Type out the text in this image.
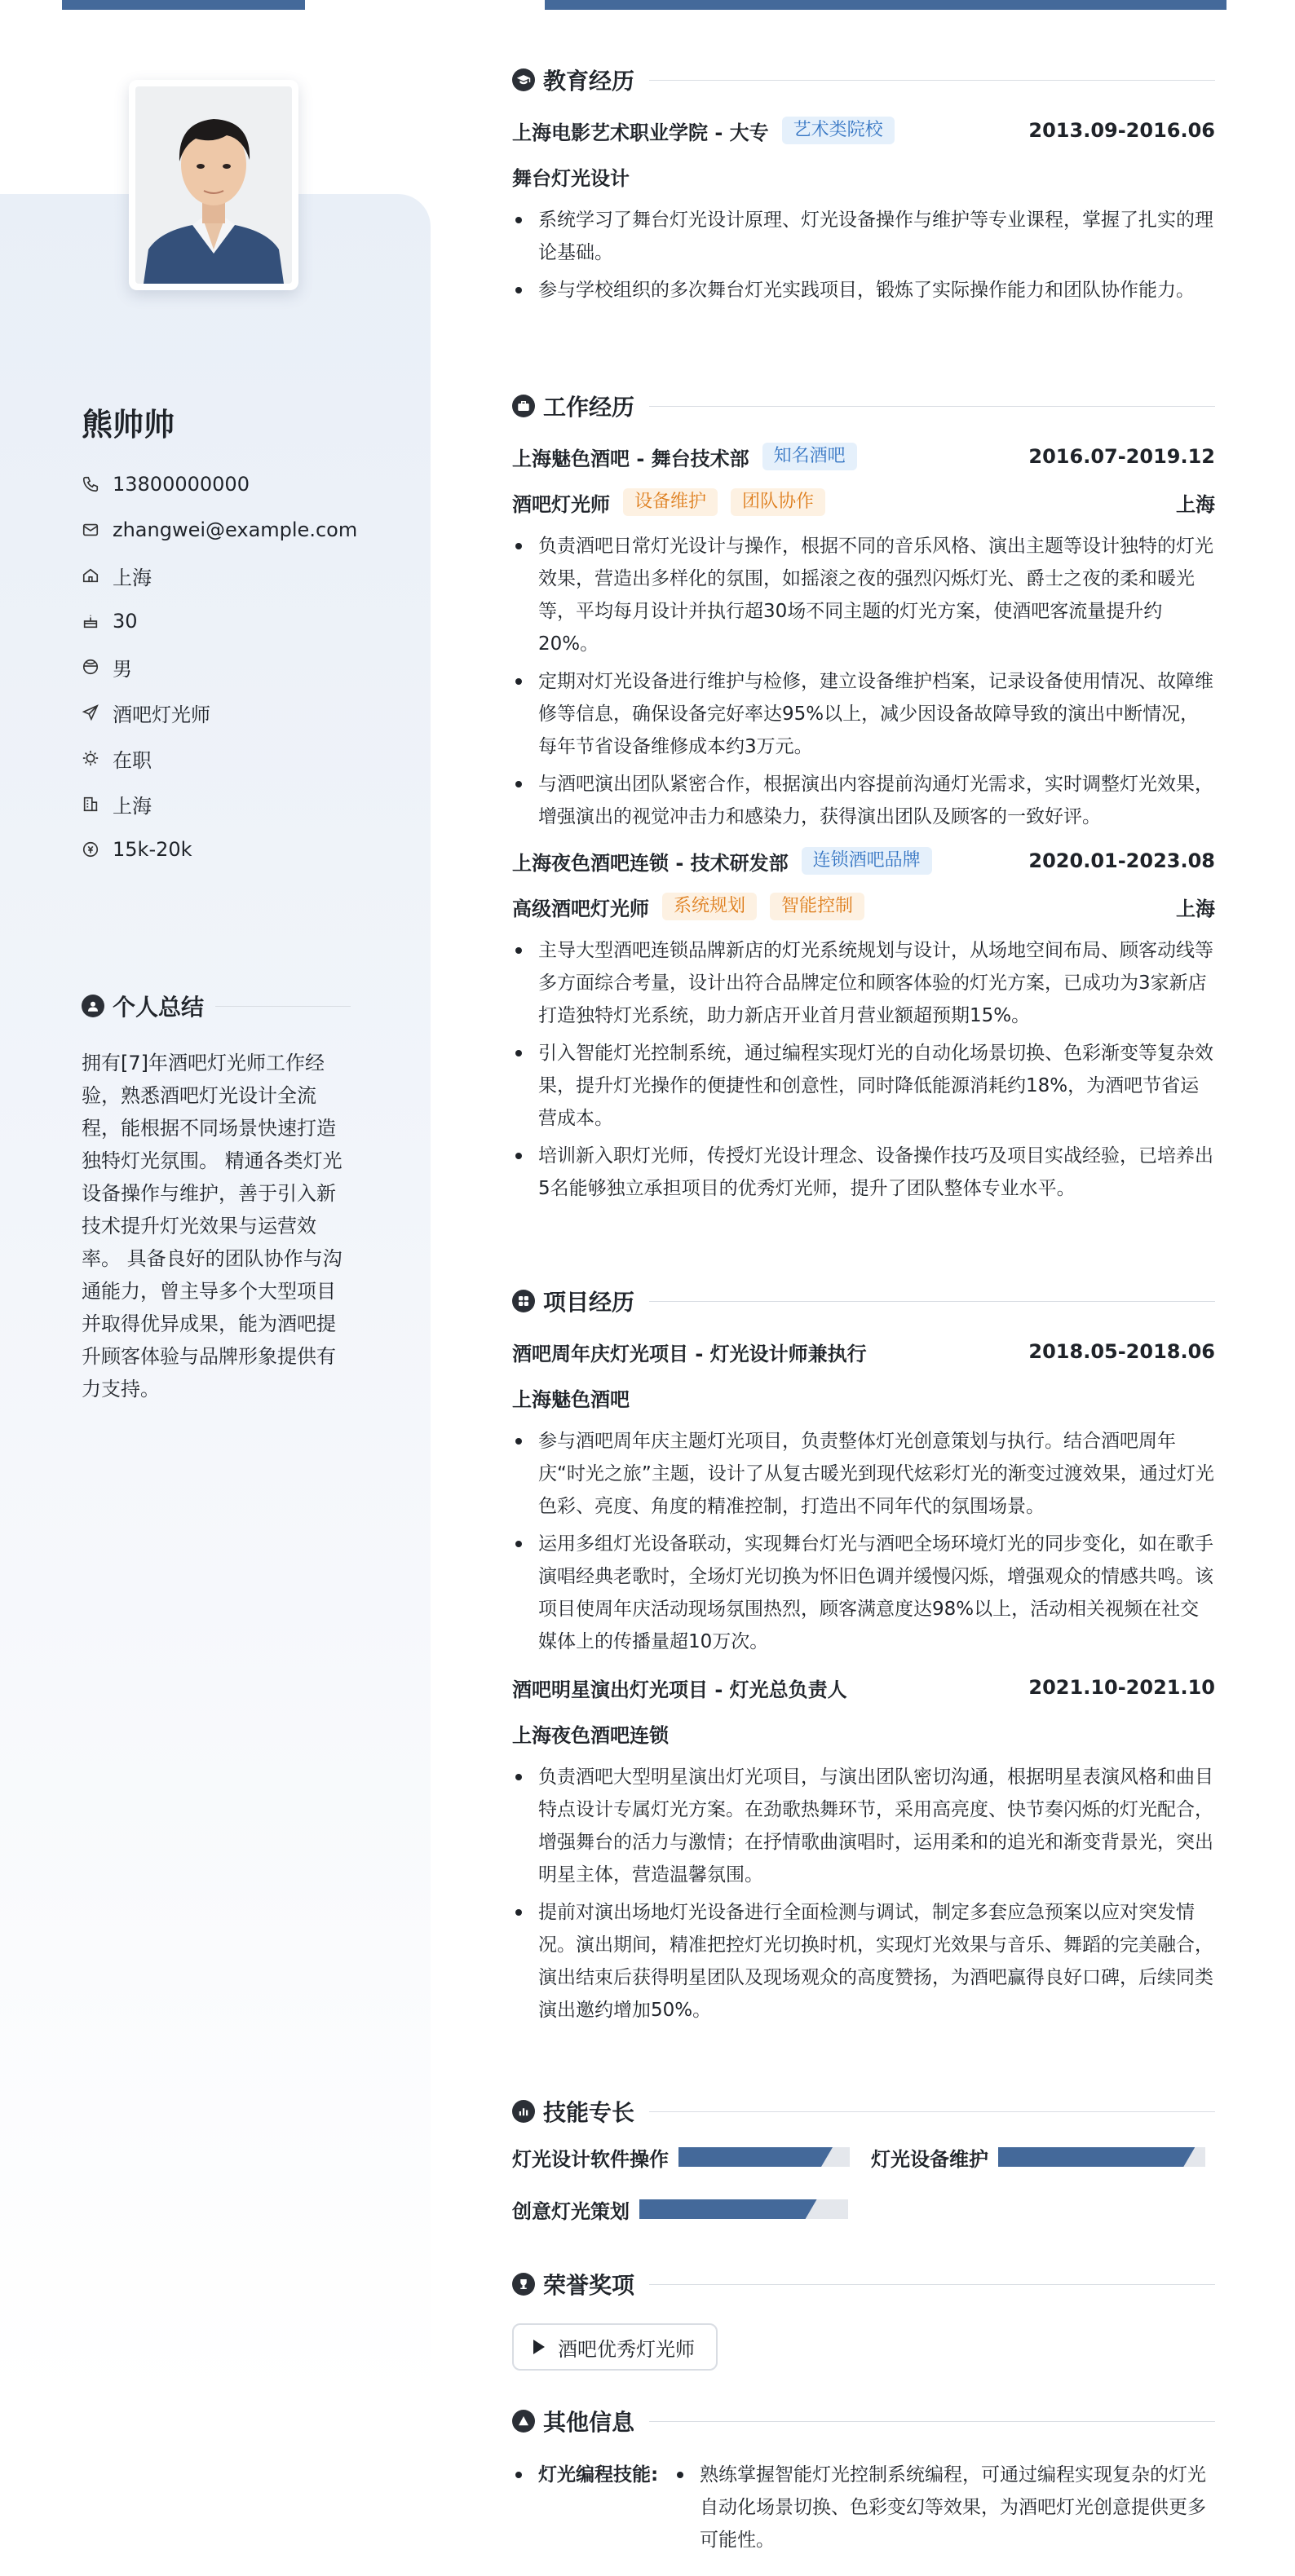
熊帅帅
13800000000
zhangwei@example.com
上海
30
男
酒吧灯光师
在职
上海
15k-20k
个人总结
拥有[7]年酒吧灯光师工作经验，熟悉酒吧灯光设计全流程，能根据不同场景快速打造独特灯光氛围。 精通各类灯光设备操作与维护，善于引入新技术提升灯光效果与运营效率。 具备良好的团队协作与沟通能力，曾主导多个大型项目并取得优异成果，能为酒吧提升顾客体验与品牌形象提供有力支持。
教育经历
上海电影艺术职业学院 - 大专	艺术类院校	2013.09-2016.06
舞台灯光设计
系统学习了舞台灯光设计原理、灯光设备操作与维护等专业课程，掌握了扎实的理论基础。
参与学校组织的多次舞台灯光实践项目，锻炼了实际操作能力和团队协作能力。
工作经历
上海魅色酒吧 - 舞台技术部	知名酒吧	2016.07-2019.12
酒吧灯光师	设备维护	团队协作	上海
负责酒吧日常灯光设计与操作，根据不同的音乐风格、演出主题等设计独特的灯光效果，营造出多样化的氛围，如摇滚之夜的强烈闪烁灯光、爵士之夜的柔和暖光等，平均每月设计并执行超30场不同主题的灯光方案，使酒吧客流量提升约20%。
定期对灯光设备进行维护与检修，建立设备维护档案，记录设备使用情况、故障维修等信息，确保设备完好率达95%以上，减少因设备故障导致的演出中断情况，每年节省设备维修成本约3万元。
与酒吧演出团队紧密合作，根据演出内容提前沟通灯光需求，实时调整灯光效果，增强演出的视觉冲击力和感染力，获得演出团队及顾客的一致好评。
上海夜色酒吧连锁 - 技术研发部	连锁酒吧品牌	2020.01-2023.08
高级酒吧灯光师	系统规划	智能控制	上海
主导大型酒吧连锁品牌新店的灯光系统规划与设计，从场地空间布局、顾客动线等多方面综合考量，设计出符合品牌定位和顾客体验的灯光方案，已成功为3家新店打造独特灯光系统，助力新店开业首月营业额超预期15%。
引入智能灯光控制系统，通过编程实现灯光的自动化场景切换、色彩渐变等复杂效果，提升灯光操作的便捷性和创意性，同时降低能源消耗约18%，为酒吧节省运营成本。
培训新入职灯光师，传授灯光设计理念、设备操作技巧及项目实战经验，已培养出5名能够独立承担项目的优秀灯光师，提升了团队整体专业水平。
项目经历
酒吧周年庆灯光项目 - 灯光设计师兼执行	2018.05-2018.06
上海魅色酒吧
参与酒吧周年庆主题灯光项目，负责整体灯光创意策划与执行。结合酒吧周年庆“时光之旅”主题，设计了从复古暖光到现代炫彩灯光的渐变过渡效果，通过灯光色彩、亮度、角度的精准控制，打造出不同年代的氛围场景。
运用多组灯光设备联动，实现舞台灯光与酒吧全场环境灯光的同步变化，如在歌手演唱经典老歌时，全场灯光切换为怀旧色调并缓慢闪烁，增强观众的情感共鸣。该项目使周年庆活动现场氛围热烈，顾客满意度达98%以上，活动相关视频在社交媒体上的传播量超10万次。
酒吧明星演出灯光项目 - 灯光总负责人	2021.10-2021.10
上海夜色酒吧连锁
负责酒吧大型明星演出灯光项目，与演出团队密切沟通，根据明星表演风格和曲目特点设计专属灯光方案。在劲歌热舞环节，采用高亮度、快节奏闪烁的灯光配合，增强舞台的活力与激情；在抒情歌曲演唱时，运用柔和的追光和渐变背景光，突出明星主体，营造温馨氛围。
提前对演出场地灯光设备进行全面检测与调试，制定多套应急预案以应对突发情况。演出期间，精准把控灯光切换时机，实现灯光效果与音乐、舞蹈的完美融合，演出结束后获得明星团队及现场观众的高度赞扬，为酒吧赢得良好口碑，后续同类演出邀约增加50%。
技能专长
灯光设计软件操作	灯光设备维护
创意灯光策划
荣誉奖项
酒吧优秀灯光师
其他信息
灯光编程技能:	熟练掌握智能灯光控制系统编程，可通过编程实现复杂的灯光自动化场景切换、色彩变幻等效果，为酒吧灯光创意提供更多可能性。
